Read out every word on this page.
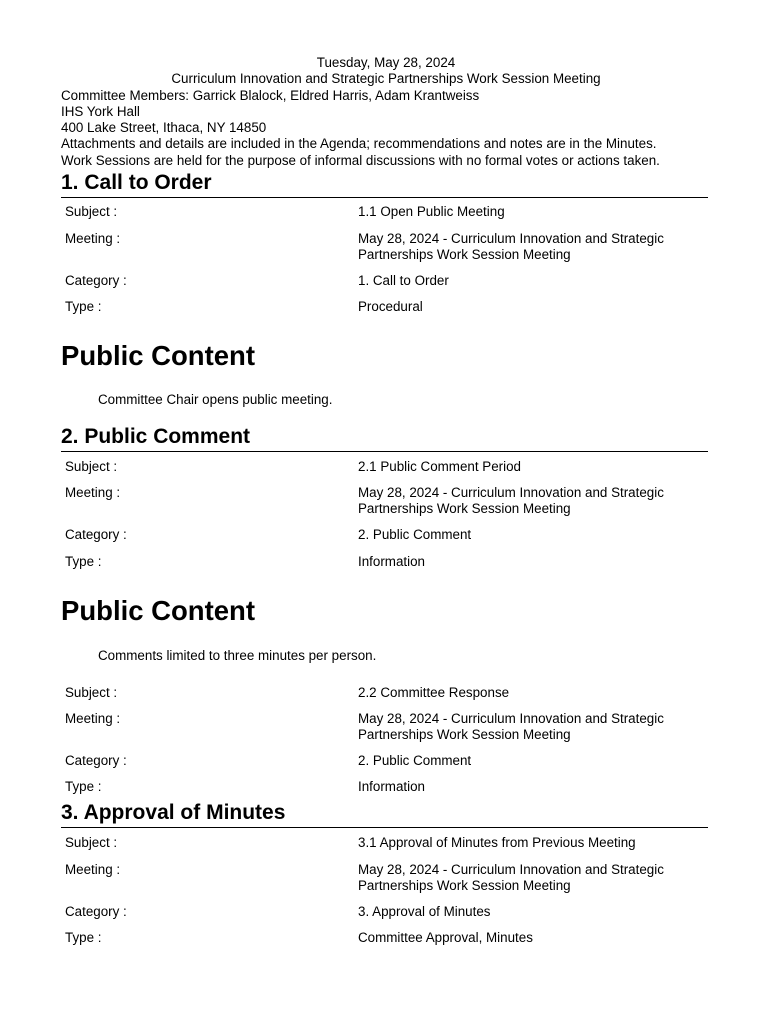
Tuesday, May 28, 2024
Curriculum Innovation and Strategic Partnerships Work Session Meeting
Committee Members: Garrick Blalock, Eldred Harris, Adam Krantweiss
IHS York Hall
400 Lake Street, Ithaca, NY 14850
Attachments and details are included in the Agenda; recommendations and notes are in the Minutes.
Work Sessions are held for the purpose of informal discussions with no formal votes or actions taken.
1. Call to Order
Subject :	1.1 Open Public Meeting
Meeting :	May 28, 2024 - Curriculum Innovation and Strategic
Partnerships Work Session Meeting
Category :	1. Call to Order
Type :	Procedural
Public Content
Committee Chair opens public meeting.
2. Public Comment
Subject :	2.1 Public Comment Period
Meeting :	May 28, 2024 - Curriculum Innovation and Strategic
Partnerships Work Session Meeting
Category :	2. Public Comment
Type :	Information
Public Content
Comments limited to three minutes per person.
Subject :	2.2 Committee Response
Meeting :	May 28, 2024 - Curriculum Innovation and Strategic
Partnerships Work Session Meeting
Category :	2. Public Comment
Type :	Information
3. Approval of Minutes
Subject :	3.1 Approval of Minutes from Previous Meeting
Meeting :	May 28, 2024 - Curriculum Innovation and Strategic
Partnerships Work Session Meeting
Category :	3. Approval of Minutes
Type :	Committee Approval, Minutes
